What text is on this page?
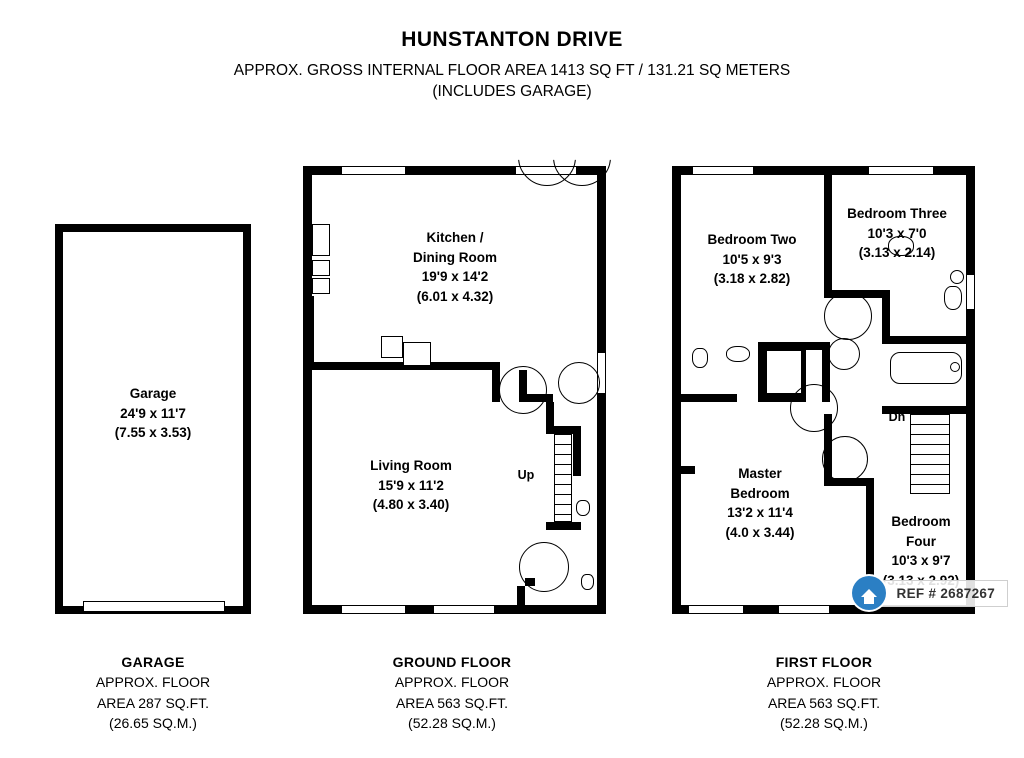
HUNSTANTON DRIVE
APPROX. GROSS INTERNAL FLOOR AREA 1413 SQ FT / 131.21 SQ METERS
(INCLUDES GARAGE)
Garage
24'9 x 11'7
(7.55 x 3.53)
Kitchen /
Dining Room
19'9 x 14'2
(6.01 x 4.32)
Living Room
15'9 x 11'2
(4.80 x 3.40)
Up
Bedroom Two
10'5 x 9'3
(3.18 x 2.82)
Bedroom Three
10'3 x 7'0
(3.13 x 2.14)
Master
Bedroom
13'2 x 11'4
(4.0 x 3.44)
Bedroom
Four
10'3 x 9'7
Dn
GARAGE
APPROX. FLOOR
AREA 287 SQ.FT.
(26.65 SQ.M.)
GROUND FLOOR
APPROX. FLOOR
AREA 563 SQ.FT.
(52.28 SQ.M.)
FIRST FLOOR
APPROX. FLOOR
AREA 563 SQ.FT.
(52.28 SQ.M.)
REF # 2687267
